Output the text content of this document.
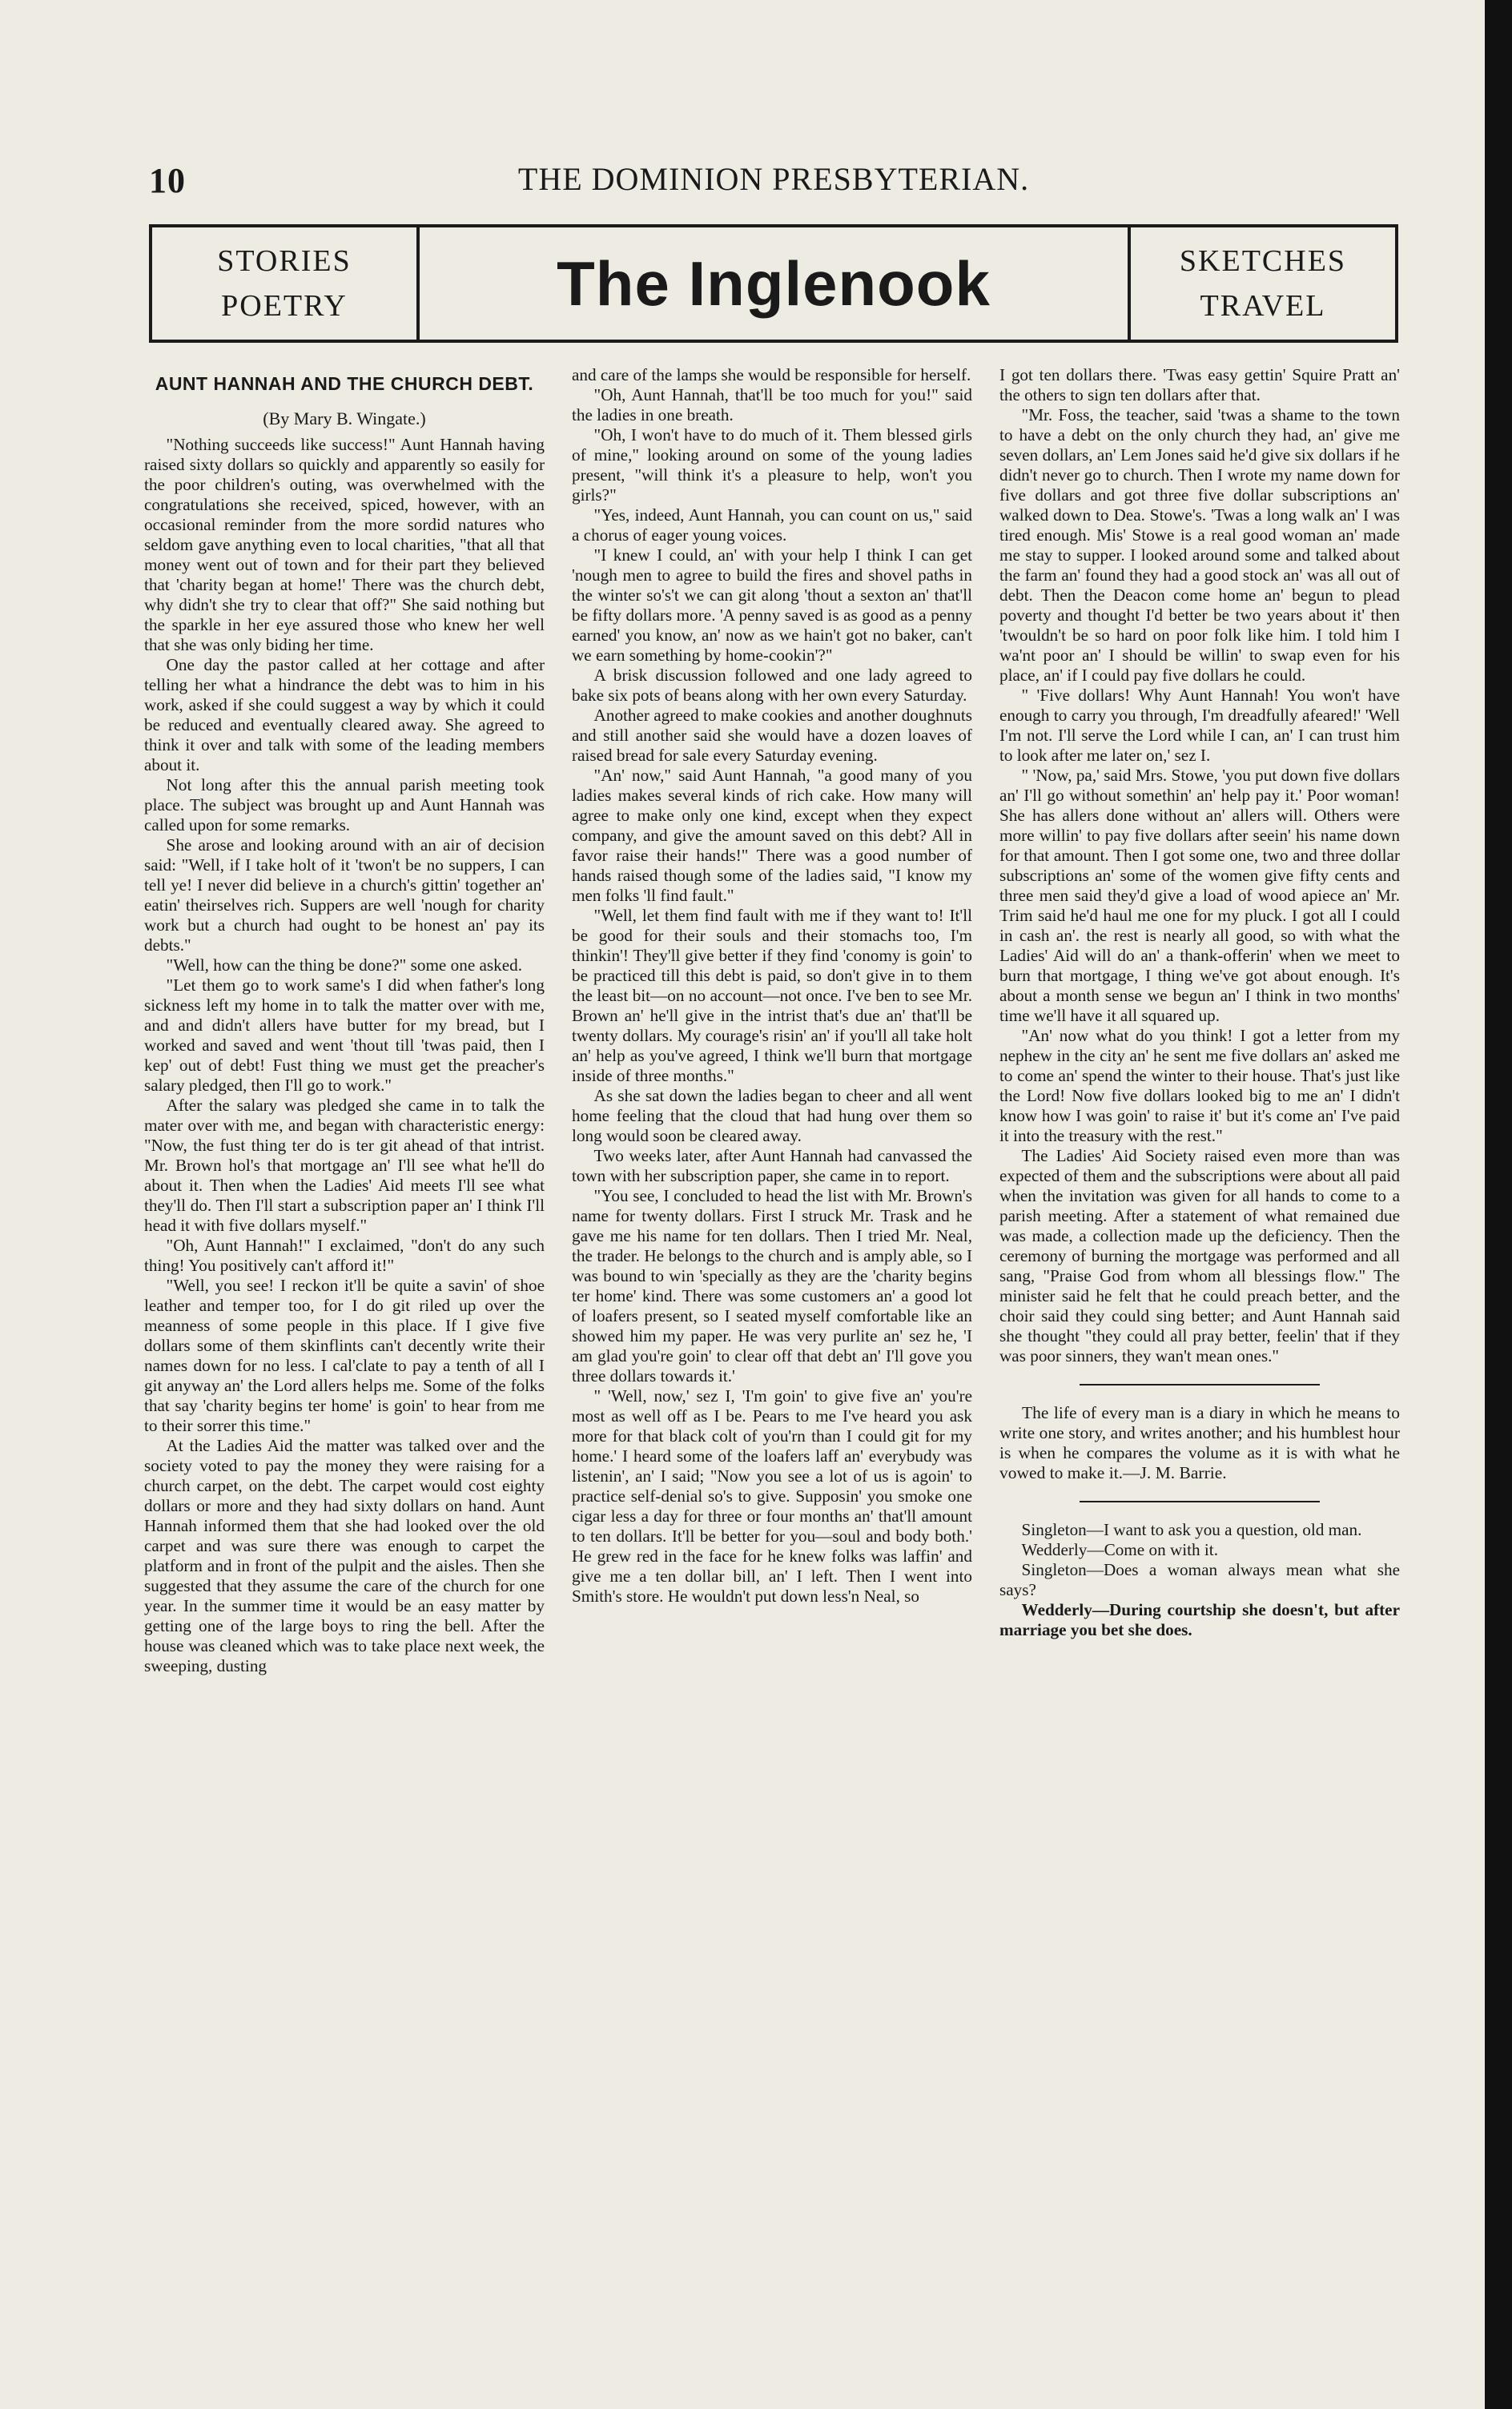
10	THE DOMINION PRESBYTERIAN.
STORIES
POETRY	The Inglenook	SKETCHES
TRAVEL
AUNT HANNAH AND THE CHURCH DEBT.
(By Mary B. Wingate.)

"Nothing succeeds like success!" Aunt Hannah having raised sixty dollars so quickly and apparently so easily for the poor children's outing, was overwhelmed with the congratulations she received, spiced, however, with an occasional reminder from the more sordid natures who seldom gave anything even to local charities, "that all that money went out of town and for their part they believed that 'charity began at home!' There was the church debt, why didn't she try to clear that off?" She said nothing but the sparkle in her eye assured those who knew her well that she was only biding her time.

One day the pastor called at her cottage and after telling her what a hindrance the debt was to him in his work, asked if she could suggest a way by which it could be reduced and eventually cleared away. She agreed to think it over and talk with some of the leading members about it.

Not long after this the annual parish meeting took place. The subject was brought up and Aunt Hannah was called upon for some remarks.

She arose and looking around with an air of decision said: "Well, if I take holt of it 'twon't be no suppers, I can tell ye! I never did believe in a church's gittin' together an' eatin' theirselves rich. Suppers are well 'nough for charity work but a church had ought to be honest an' pay its debts."

"Well, how can the thing be done?" some one asked.

"Let them go to work same's I did when father's long sickness left my home in to talk the matter over with me, and and didn't allers have butter for my bread, but I worked and saved and went 'thout till 'twas paid, then I kep' out of debt! Fust thing we must get the preacher's salary pledged, then I'll go to work."

After the salary was pledged she came in to talk the mater over with me, and began with characteristic energy: "Now, the fust thing ter do is ter git ahead of that intrist. Mr. Brown hol's that mortgage an' I'll see what he'll do about it. Then when the Ladies' Aid meets I'll see what they'll do. Then I'll start a subscription paper an' I think I'll head it with five dollars myself."

"Oh, Aunt Hannah!" I exclaimed, "don't do any such thing! You positively can't afford it!"

"Well, you see! I reckon it'll be quite a savin' of shoe leather and temper too, for I do git riled up over the meanness of some people in this place. If I give five dollars some of them skinflints can't decently write their names down for no less. I cal'clate to pay a tenth of all I git anyway an' the Lord allers helps me. Some of the folks that say 'charity begins ter home' is goin' to hear from me to their sorrer this time."

At the Ladies Aid the matter was talked over and the society voted to pay the money they were raising for a church carpet, on the debt. The carpet would cost eighty dollars or more and they had sixty dollars on hand. Aunt Hannah informed them that she had looked over the old carpet and was sure there was enough to carpet the platform and in front of the pulpit and the aisles. Then she suggested that they assume the care of the church for one year. In the summer time it would be an easy matter by getting one of the large boys to ring the bell. After the house was cleaned which was to take place next week, the sweeping, dusting

and care of the lamps she would be responsible for herself.

"Oh, Aunt Hannah, that'll be too much for you!" said the ladies in one breath.

"Oh, I won't have to do much of it. Them blessed girls of mine," looking around on some of the young ladies present, "will think it's a pleasure to help, won't you girls?"

"Yes, indeed, Aunt Hannah, you can count on us," said a chorus of eager young voices.

"I knew I could, an' with your help I think I can get 'nough men to agree to build the fires and shovel paths in the winter so's't we can git along 'thout a sexton an' that'll be fifty dollars more. 'A penny saved is as good as a penny earned' you know, an' now as we hain't got no baker, can't we earn something by home-cookin'?"

A brisk discussion followed and one lady agreed to bake six pots of beans along with her own every Saturday.

Another agreed to make cookies and another doughnuts and still another said she would have a dozen loaves of raised bread for sale every Saturday evening.

"An' now," said Aunt Hannah, "a good many of you ladies makes several kinds of rich cake. How many will agree to make only one kind, except when they expect company, and give the amount saved on this debt? All in favor raise their hands!" There was a good number of hands raised though some of the ladies said, "I know my men folks 'll find fault."

"Well, let them find fault with me if they want to! It'll be good for their souls and their stomachs too, I'm thinkin'! They'll give better if they find 'conomy is goin' to be practiced till this debt is paid, so don't give in to them the least bit—on no account—not once. I've ben to see Mr. Brown an' he'll give in the intrist that's due an' that'll be twenty dollars. My courage's risin' an' if you'll all take holt an' help as you've agreed, I think we'll burn that mortgage inside of three months."

As she sat down the ladies began to cheer and all went home feeling that the cloud that had hung over them so long would soon be cleared away.

Two weeks later, after Aunt Hannah had canvassed the town with her subscription paper, she came in to report.

"You see, I concluded to head the list with Mr. Brown's name for twenty dollars. First I struck Mr. Trask and he gave me his name for ten dollars. Then I tried Mr. Neal, the trader. He belongs to the church and is amply able, so I was bound to win 'specially as they are the 'charity begins ter home' kind. There was some customers an' a good lot of loafers present, so I seated myself comfortable like an showed him my paper. He was very purlite an' sez he, 'I am glad you're goin' to clear off that debt an' I'll gove you three dollars towards it.'

" 'Well, now,' sez I, 'I'm goin' to give five an' you're most as well off as I be. Pears to me I've heard you ask more for that black colt of you'rn than I could git for my home.' I heard some of the loafers laff an' everybudy was listenin', an' I said; "Now you see a lot of us is agoin' to practice self-denial so's to give. Supposin' you smoke one cigar less a day for three or four months an' that'll amount to ten dollars. It'll be better for you—soul and body both.' He grew red in the face for he knew folks was laffin' and give me a ten dollar bill, an' I left. Then I went into Smith's store. He wouldn't put down less'n Neal, so

I got ten dollars there. 'Twas easy gettin' Squire Pratt an' the others to sign ten dollars after that.

"Mr. Foss, the teacher, said 'twas a shame to the town to have a debt on the only church they had, an' give me seven dollars, an' Lem Jones said he'd give six dollars if he didn't never go to church. Then I wrote my name down for five dollars and got three five dollar subscriptions an' walked down to Dea. Stowe's. 'Twas a long walk an' I was tired enough. Mis' Stowe is a real good woman an' made me stay to supper. I looked around some and talked about the farm an' found they had a good stock an' was all out of debt. Then the Deacon come home an' begun to plead poverty and thought I'd better be two years about it' then 'twouldn't be so hard on poor folk like him. I told him I wa'nt poor an' I should be willin' to swap even for his place, an' if I could pay five dollars he could.

" 'Five dollars! Why Aunt Hannah! You won't have enough to carry you through, I'm dreadfully afeared!' 'Well I'm not. I'll serve the Lord while I can, an' I can trust him to look after me later on,' sez I.

" 'Now, pa,' said Mrs. Stowe, 'you put down five dollars an' I'll go without somethin' an' help pay it.' Poor woman! She has allers done without an' allers will. Others were more willin' to pay five dollars after seein' his name down for that amount. Then I got some one, two and three dollar subscriptions an' some of the women give fifty cents and three men said they'd give a load of wood apiece an' Mr. Trim said he'd haul me one for my pluck. I got all I could in cash an'. the rest is nearly all good, so with what the Ladies' Aid will do an' a thank-offerin' when we meet to burn that mortgage, I thing we've got about enough. It's about a month sense we begun an' I think in two months' time we'll have it all squared up.

"An' now what do you think! I got a letter from my nephew in the city an' he sent me five dollars an' asked me to come an' spend the winter to their house. That's just like the Lord! Now five dollars looked big to me an' I didn't know how I was goin' to raise it' but it's come an' I've paid it into the treasury with the rest."

The Ladies' Aid Society raised even more than was expected of them and the subscriptions were about all paid when the invitation was given for all hands to come to a parish meeting. After a statement of what remained due was made, a collection made up the deficiency. Then the ceremony of burning the mortgage was performed and all sang, "Praise God from whom all blessings flow." The minister said he felt that he could preach better, and the choir said they could sing better; and Aunt Hannah said she thought "they could all pray better, feelin' that if they was poor sinners, they wan't mean ones."

The life of every man is a diary in which he means to write one story, and writes another; and his humblest hour is when he compares the volume as it is with what he vowed to make it.—J. M. Barrie.

Singleton—I want to ask you a question, old man.

Wedderly—Come on with it.

Singleton—Does a woman always mean what she says?

Wedderly—During courtship she doesn't, but after marriage you bet she does.
